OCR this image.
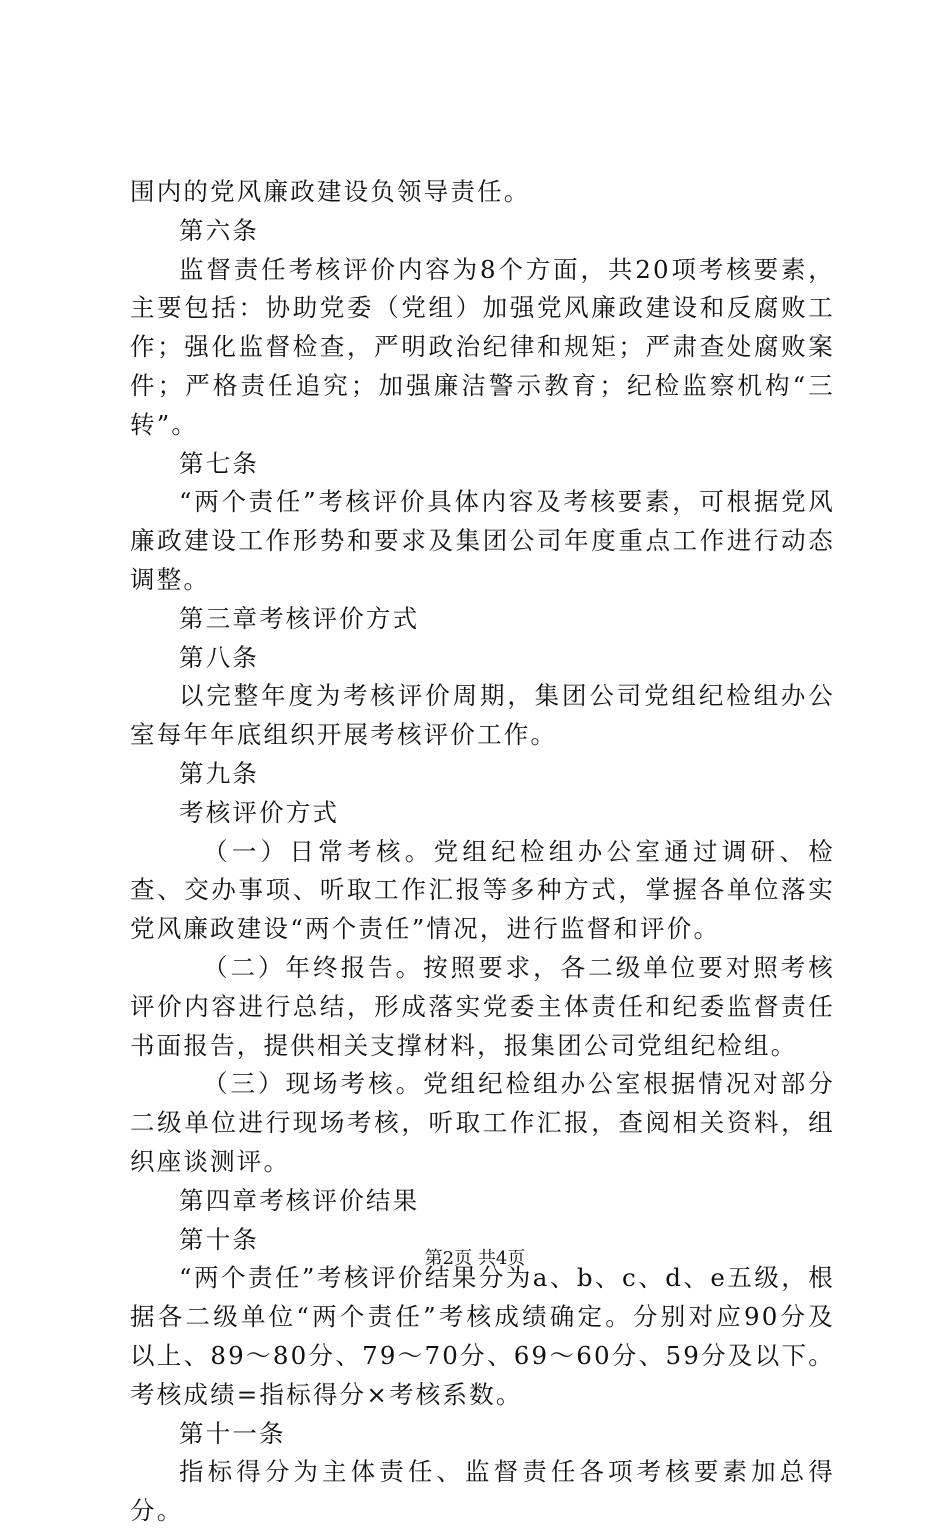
围内的党风廉政建设负领导责任。

第六条

监督责任考核评价内容为8个方面，共20项考核要素，主要包括：协助党委（党组）加强党风廉政建设和反腐败工作；强化监督检查，严明政治纪律和规矩；严肃查处腐败案件；严格责任追究；加强廉洁警示教育；纪检监察机构“三转”。

第七条

“两个责任”考核评价具体内容及考核要素，可根据党风廉政建设工作形势和要求及集团公司年度重点工作进行动态调整。

第三章考核评价方式

第八条

以完整年度为考核评价周期，集团公司党组纪检组办公室每年年底组织开展考核评价工作。

第九条

考核评价方式

（一）日常考核。党组纪检组办公室通过调研、检查、交办事项、听取工作汇报等多种方式，掌握各单位落实党风廉政建设“两个责任”情况，进行监督和评价。

（二）年终报告。按照要求，各二级单位要对照考核评价内容进行总结，形成落实党委主体责任和纪委监督责任书面报告，提供相关支撑材料，报集团公司党组纪检组。

（三）现场考核。党组纪检组办公室根据情况对部分二级单位进行现场考核，听取工作汇报，查阅相关资料，组织座谈测评。

第四章考核评价结果

第十条

“两个责任”考核评价结果分为a、b、c、d、e五级，根据各二级单位“两个责任”考核成绩确定。分别对应90分及以上、89～80分、79～70分、69～60分、59分及以下。考核成绩=指标得分×考核系数。

第十一条

指标得分为主体责任、监督责任各项考核要素加总得分。

第2页 共4页
